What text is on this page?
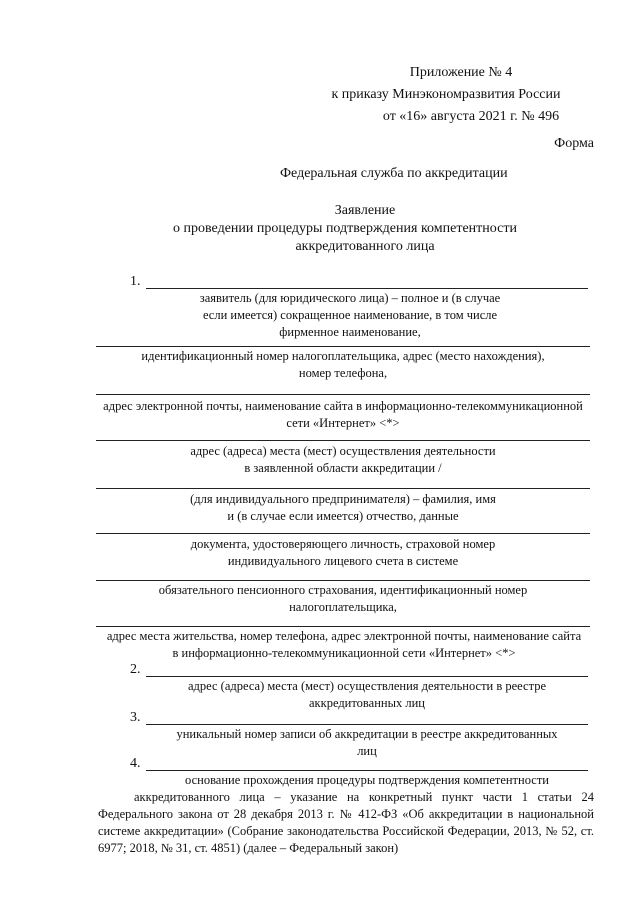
Приложение № 4
к приказу Минэкономразвития России
от «16» августа 2021 г. № 496
Форма
Федеральная служба по аккредитации
Заявление
о проведении процедуры подтверждения компетентности
аккредитованного лица
1.
заявитель (для юридического лица) – полное и (в случае
если имеется) сокращенное наименование, в том числе
фирменное наименование,
идентификационный номер налогоплательщика, адрес (место нахождения),
номер телефона,
адрес электронной почты, наименование сайта в информационно-телекоммуникационной
сети «Интернет» <*>
адрес (адреса) места (мест) осуществления деятельности
в заявленной области аккредитации /
(для индивидуального предпринимателя) – фамилия, имя
и (в случае если имеется) отчество, данные
документа, удостоверяющего личность, страховой номер
индивидуального лицевого счета в системе
обязательного пенсионного страхования, идентификационный номер
налогоплательщика,
адрес места жительства, номер телефона, адрес электронной почты, наименование сайта
в информационно-телекоммуникационной сети «Интернет» <*>
2.
адрес (адреса) места (мест) осуществления деятельности в реестре
аккредитованных лиц
3.
уникальный номер записи об аккредитации в реестре аккредитованных
лиц
4.
основание прохождения процедуры подтверждения компетентности
аккредитованного лица – указание на конкретный пункт части 1 статьи 24 Федерального закона от 28 декабря 2013 г. № 412-ФЗ «Об аккредитации в национальной системе аккредитации» (Собрание законодательства Российской Федерации, 2013, № 52, ст. 6977; 2018, № 31, ст. 4851) (далее – Федеральный закон)
